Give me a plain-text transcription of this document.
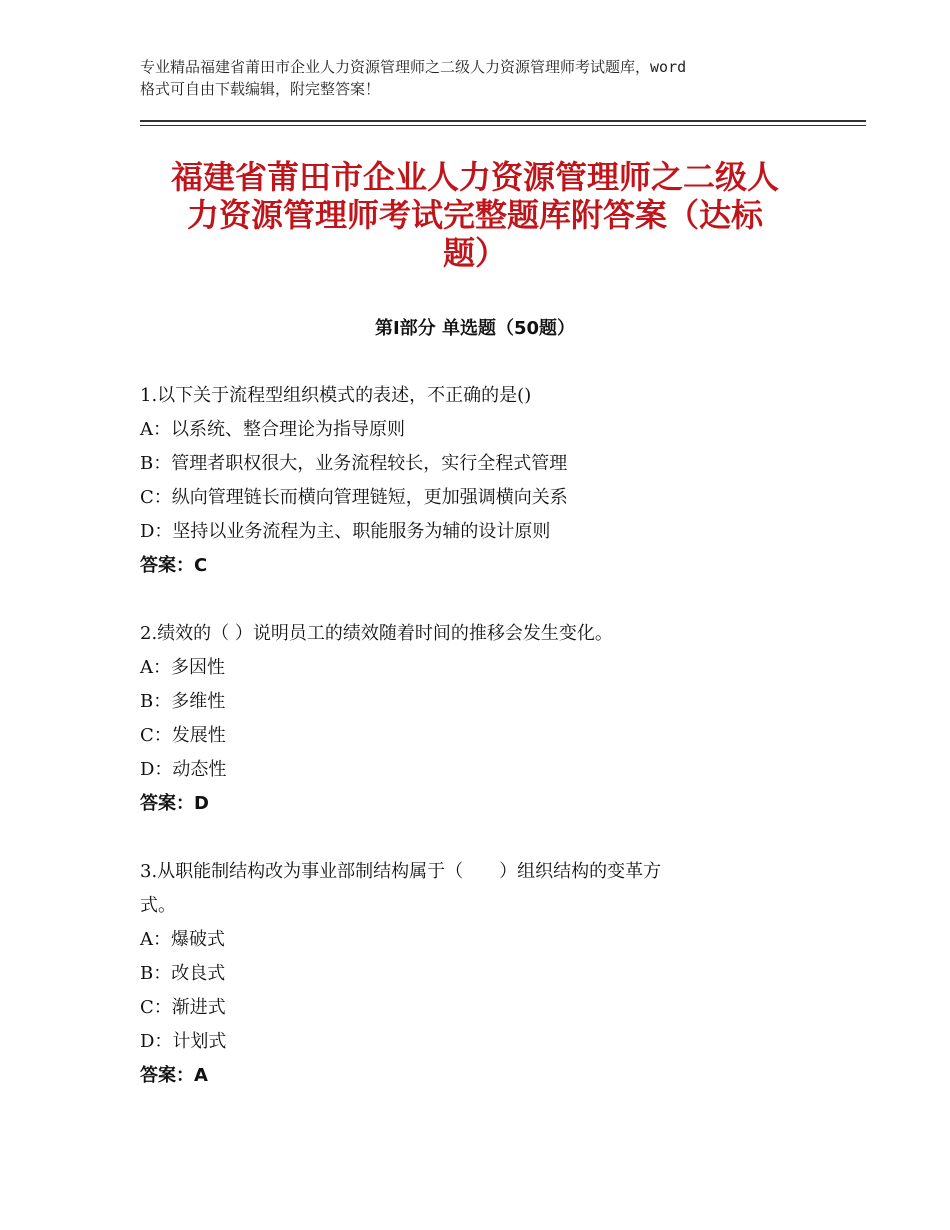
专业精品福建省莆田市企业人力资源管理师之二级人力资源管理师考试题库，word
格式可自由下载编辑，附完整答案！
福建省莆田市企业人力资源管理师之二级人
力资源管理师考试完整题库附答案（达标
题）
第Ⅰ部分 单选题（50题）
1.以下关于流程型组织模式的表述，不正确的是()
A：以系统、整合理论为指导原则
B：管理者职权很大，业务流程较长，实行全程式管理
C：纵向管理链长而横向管理链短，更加强调横向关系
D：坚持以业务流程为主、职能服务为辅的设计原则
答案：C
2.绩效的（ ）说明员工的绩效随着时间的推移会发生变化。
A：多因性
B：多维性
C：发展性
D：动态性
答案：D
3.从职能制结构改为事业部制结构属于（　　）组织结构的变革方
式。
A：爆破式
B：改良式
C：渐进式
D：计划式
答案：A
